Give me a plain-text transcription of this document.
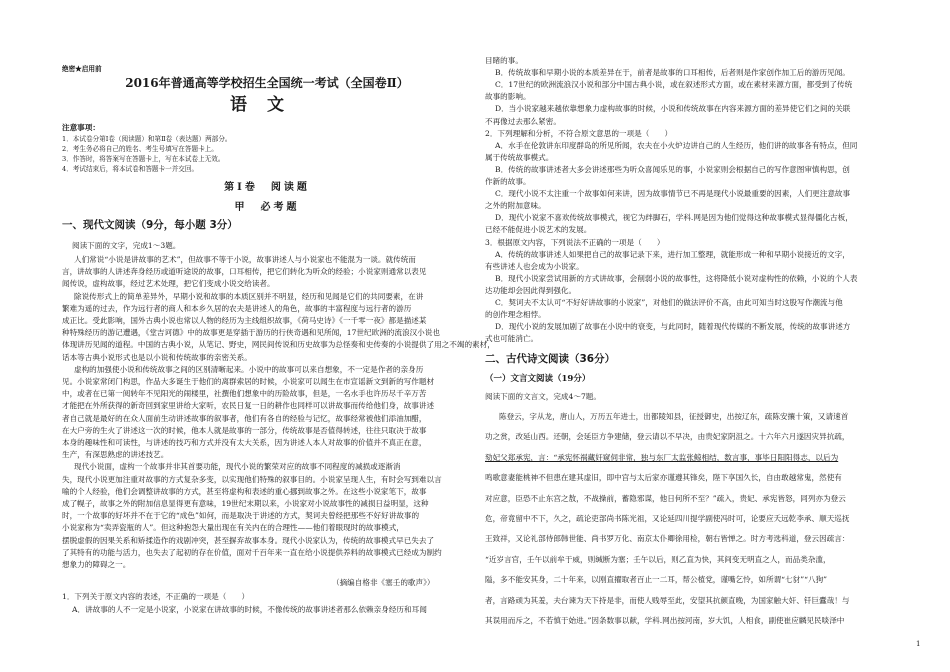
绝密★启用前
2016年普通高等学校招生全国统一考试（全国卷Ⅱ）
语文
注意事项：
1．本试卷分第Ⅰ卷（阅读题）和第Ⅱ卷（表达题）两部分。
2．考生务必将自己的姓名、考生号填写在答题卡上。
3．作答时，将答案写在答题卡上，写在本试卷上无效。
4．考试结束后，将本试卷和答题卡一并交回。
第Ⅰ卷　阅读题
甲　必考题
一、现代文阅读（9分，每小题 3分）
阅读下面的文字，完成1～3题。
人们常说“小说是讲故事的艺术”，但故事不等于小说，故事讲述人与小说家也不能混为一谈。就传统而
言，讲故事的人讲述奔身经历或道听途说的故事，口耳相传，把它们转化为听众的经验；小说家则通常以表见
闻传说，虚构故事，经过艺术处理，把它们变成小说交给读者。
除说传形式上的简单差异外，早期小说和故事的本质区别并不明显，经历和见闻是它们的共同要素，在讲
繁难为遥的过去，作为远行者的商人和本乡久居的农夫是讲述人的角色，故事的丰富程度与远行者的游历
成正比。受此影响，国外古典小说也常以人物的经历为主线组织故事，《荷马史诗》《一千零一夜》都是描述某
种特殊经历的游记遭遇，《堂吉诃德》中的故事更是穿插于游历的行侠奇遇和见所闻，17世纪欧洲的流浪汉小说也
体现讲历见闻的道程。中国的古典小说，从笔记、野史，网民间传说和历史故事为总怪奏和史传奏的小说提供了用之不竭的素材，
话本等古典小说形式也是以小说和传统故事的亲密关系。
虚构的加强使小说和传统故事之间的区别清晰起来。小说中的故事可以来自想象，不一定是作者的亲身历
见。小说家常闭门构思，作品大多诞生于他们的离群索居的时候，小说家可以闻生在市宣谣新文到新的写作题材
中，或者在已第一阅转年不见阳光的闹楼里，社撰他们想象中的历险故事，但是，一名水手也许历尽千辛万苦
才能把在外所获得的新奇回到家里讲给大家听，农民日复一日的耕作也同样可以讲故事而传给他们身，故事讲述
者自己就是最好的在众人面前生动讲述故事的叙事者，他们有各自的经验与记忆，故事经常被他们添油加醋，
在大户旁的生火了讲述这一次的时候，他本人就是故事的一部分，传统故事是否值得转述，往往只取决于故事
本身的趣味性和可读性，与讲述的技巧和方式并没有太大关系，因为讲述人本人对故事的价值并不真正在意，
生产，有深思熟虑的讲述技艺。
现代小说面，虚构一个故事并非其首要功能，现代小说的繁荣对应的故事不同程度的减损或逐渐消
失，现代小说更加注重对故事的方式复杂多变，以实现他们特殊的叙事目的。小说家呈现人生，有时会写到难以言
喻的个人经验，他们会调整讲故事的方式，甚至将虚构和表述的重心挪到故事之外。在这些小说家笔下，故事
成了幌子，故事之外的附加信息显得更有意味，19世纪末期以来，小说家对小说故事性的减损日益明显，这种
时，一个故事的好坏并不在于它的“成色”如何，而是取决于讲述的方式，契诃夫曾经把那些不好好讲故事的
小说家称为“卖弄瓷瓶的人”。但这种抱怨大量出现在有关内在的合理性——他们着眼现时的故事模式，
摆脱虚假的因果关系和矫揉造作的戏剧冲突，甚至摒弃故事本身。现代小说家认为，传统的故事模式早已失去了
了其特有的功能与活力，也失去了起初的存在价值，面对千百年来一直在给小说提供养料的故事模式已经成为制约
想象力的障碍之一。
（摘编自格非《塞壬的歌声》）
1．下列关于原文内容的表述，不正确的一项是（　　）
A．讲故事的人不一定是小说家，小说家在讲故事的时候，不像传统的故事讲述者那么依赖亲身经历和耳闻
目睹的事。
B．传统故事和早期小说的本质差异在于，前者是故事的口耳相传，后者则是作家创作加工后的游历见闻。
C．17世纪的欧洲流浪汉小说和部分中国古典小说，或在叙述形式方面，或在素材来源方面，都受到了传统
故事的影响。
D．当小说家越来越依靠想象力虚构故事的时候，小说和传统故事在内容来源方面的差异使它们之间的关联
不再像过去那么紧密。
2．下列理解和分析，不符合原文意思的一项是（　　）
A．水手在伦敦讲东印度群岛的所见所闻，农夫在小火炉边讲自己的人生经历，他们讲的故事各有特点，但同
属于传统故事模式。
B．传统的故事讲述者大多会讲述那些为听众喜闻乐见的事，小说家则会根据自己的写作意图审慎构思，创
作新的故事。
C．现代小说不太注重一个故事如何来讲，因为故事情节已不再是现代小说最重要的因素，人们更注意故事
之外的附加意味。
D．现代小说家不喜欢传统故事模式，视它为绊脚石，学科.网是因为他们觉得这种故事模式显得僵化古板，
已经不能促进小说艺术的发展。
3．根据原文内容，下列说法不正确的一项是（　　）
A．传统的故事讲述人如果把自己的故事记录下来，进行加工整理，就能形成一种和早期小说接近的文字，
有些讲述人也会成为小说家。
B．现代小说家尝试用新的方式讲故事，会削弱小说的故事性，这将降低小说对虚构性的依赖，小说的个人表
达功能却会因此得到强化。
C．契诃夫不太认可“不好好讲故事的小说家”，对他们的做法评价不高，由此可知当时这股写作潮流与他
的创作理念相悖。
D．现代小说的发展加剧了故事在小说中的衰变，与此同时，随着现代传媒的不断发展，传统的故事讲述方
式也可能消亡。
二、古代诗文阅读（36分）
（一）文言文阅读（19分）
阅读下面的文言文，完成4～7题。
陈登云，字从龙，唐山人，万历五年进士，出都陵知县，征授御史，出按辽东，疏陈安攘十策，又请速首
功之赏，改延山西。还朝，会延臣方争建储，登云请以不早决，由贵妃家阴沮之。十六年六月遂因灾异抗疏，
劾妃父郑承宪，言：“承宪怀祸藏奸窥伺非常，独与东厂太监张鲸相结，数言事，事毕日阳阳得志，以后为
鸣歌意妻能桃神不但患在建其虚旧，即中宫与太后家亦谨遵其锋矣，陛下享国久长，自由敢越常鬼，然使有
对应意，臣恐不止东宫之敖，不战操前，蓄隐邪谋，他日何所不至？”疏入，贵妃、承宪皆怒，同列亦为登云
危，帝竟留中不下，久之，疏论吏部尚书陈光祖，又论延四川提学副使冯时可，论要应夭远乾李承、顺天巡抚
王致祥，又论礼部侍郎韩世能、尚书罗万化、南京太仆卿徐用检，朝右皆惮之。时方考选科道，登云因疏言：
“近岁言官，壬午以前牟于威，则缄断为塞；壬午以后，则乙直为快，其间变无明直之人，而品类杂滥，
隘，多不能安其身，二十年来，以刚直擢取者百止一二耳，帮公植党，谨嘴乞怜，如所谓“七豺”“八狗”
者，言路顽为其羞，夫台谏为天下持是非，而使人贱辱至此，安望其抗颜直晚，为国家触大奸、钎巨蠹哉！与
其误用而斥之，不若慎于始进。”因条数事以献，学科.网出按河南，岁大饥，人相食，副使崔应麟见民啖泽中
1
